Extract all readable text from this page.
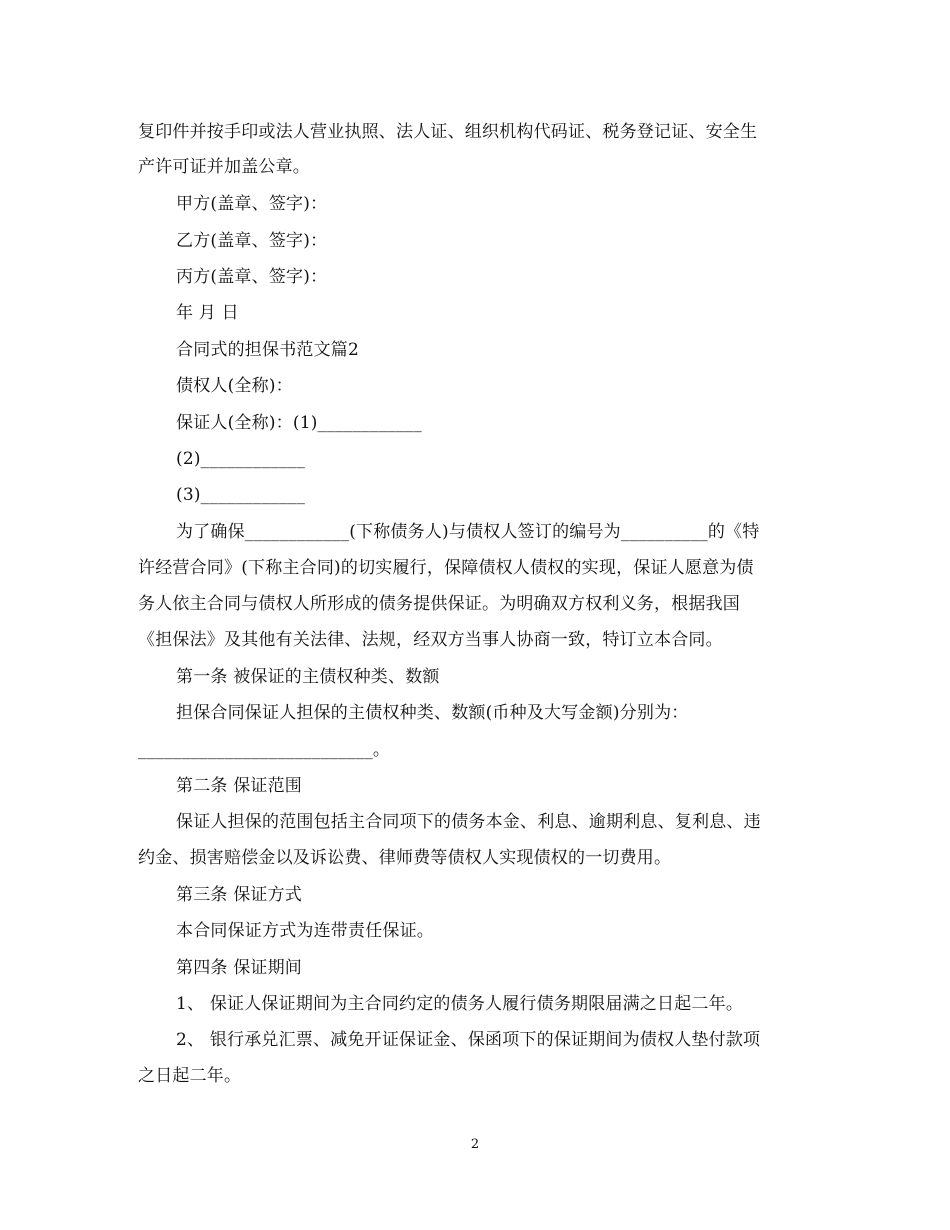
复印件并按手印或法人营业执照、法人证、组织机构代码证、税务登记证、安全生
产许可证并加盖公章。
甲方(盖章、签字)：
乙方(盖章、签字)：
丙方(盖章、签字)：
年 月 日
合同式的担保书范文篇2
债权人(全称)：
保证人(全称)：(1)____________
(2)____________
(3)____________
为了确保____________(下称债务人)与债权人签订的编号为__________的《特
许经营合同》(下称主合同)的切实履行，保障债权人债权的实现，保证人愿意为债
务人依主合同与债权人所形成的债务提供保证。为明确双方权利义务，根据我国
《担保法》及其他有关法律、法规，经双方当事人协商一致，特订立本合同。
第一条 被保证的主债权种类、数额
担保合同保证人担保的主债权种类、数额(币种及大写金额)分别为：
___________________________。
第二条 保证范围
保证人担保的范围包括主合同项下的债务本金、利息、逾期利息、复利息、违
约金、损害赔偿金以及诉讼费、律师费等债权人实现债权的一切费用。
第三条 保证方式
本合同保证方式为连带责任保证。
第四条 保证期间
1、 保证人保证期间为主合同约定的债务人履行债务期限届满之日起二年。
2、 银行承兑汇票、减免开证保证金、保函项下的保证期间为债权人垫付款项
之日起二年。
2
